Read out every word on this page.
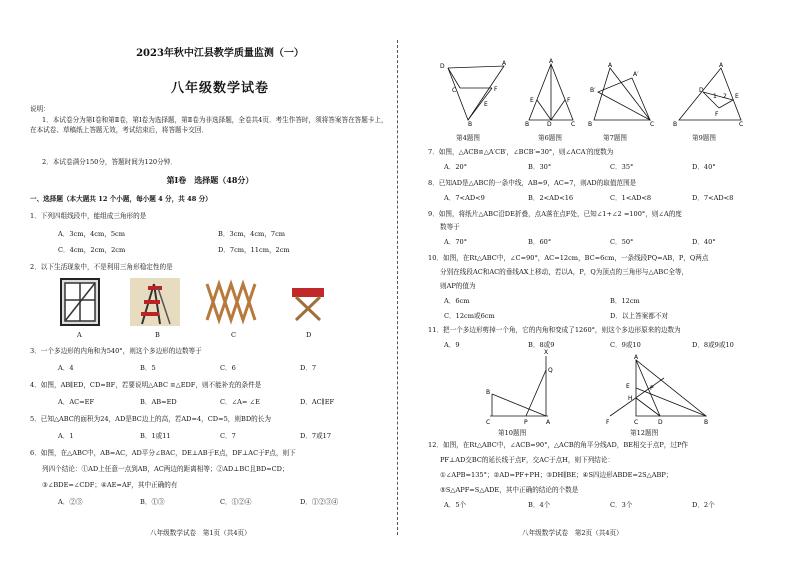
2023年秋中江县教学质量监测（一）
八年级数学试卷
说明：
1．本试卷分为第Ⅰ卷和第Ⅱ卷，第Ⅰ卷为选择题，第Ⅱ卷为非选择题，全卷共4页．考生作答时，须将答案答在答题卡上，在本试卷、草稿纸上答题无效，考试结束后，将答题卡交回．
2．本试卷满分150分，答题时间为120分钟．
第Ⅰ卷　选择题（48分）
一、选择题（本大题共 12 个小题，每小题 4 分，共 48 分）
1．下列四组线段中，能组成三角形的是
A．3cm，4cm，5cm	B．3cm，4cm，7cm
C．4cm，2cm，2cm	D．7cm，11cm，2cm
2．以下生活现象中，不是利用三角形稳定性的是
A	B	C	D
3．一个多边形的内角和为540°，则这个多边形的边数等于
A．4	B．5	C．6	D．7
4．如图，AB∥ED，CD=BF，若要说明△ABC ≌△EDF，则不能补充的条件是
A．AC=EF	B．AB=ED	C．∠A= ∠E	D．AC∥EF
5．已知△ABC的面积为24，AD是BC边上的高，若AD=4，CD=5，则BD的长为
A．1	B．1或11	C．7	D．7或17
6．如图，在△ABC中，AB=AC，AD平分∠BAC，DE⊥AB于E点，DF⊥AC于F点，则下
列四个结论：①AD上任意一点到AB，AC两边的距离相等；②AD⊥BC且BD=CD；
③∠BDE=∠CDF；④AE=AF，其中正确的有
A．②③	B．①③	C．①②④	D．①②③④
八年级数学试卷　第1页（共4页）
D	A
C	F
E
B
第4题图
A
E	F
B	D	C
第6题图
B
A
A′
B′
C
第7题图
A
D
E
1 2
F
B	C
第9题图
7．如图，△ACB≌△A′CB′，∠BCB′=30°，则∠ACA′的度数为
A．20°	B．30°	C．35°	D．40°
8．已知AD是△ABC的一条中线，AB=9，AC=7，则AD的取值范围是
A．7<AD<9	B．2<AD<16	C．1<AD<8	D．7<AD<8
9．如图，将纸片△ABC沿DE折叠，点A落在点F处，已知∠1+∠2 =100°，则∠A的度
数等于
A．70°	B．60°	C．50°	D．40°
10．如图，在Rt△ABC中，∠C=90°，AC=12cm，BC=6cm，一条线段PQ=AB，P，Q两点
分别在线段AC和AC的垂线AX上移动，若以A，P，Q为顶点的三角形与△ABC全等，
则AP的值为
A．6cm	B．12cm
C．12cm或6cm	D．以上答案都不对
11．把一个多边形剪掉一个角，它的内角和变成了1260°，则这个多边形原来的边数为
A．9	B．8或9	C．9或10	D．8或9或10
X
Q
B
C	P	A
第10题图
A
E	P
H
F	C	D	B
第12题图
12．如图，在Rt△ABC中，∠ACB=90°，△ACB的角平分线AD，BE相交于点P，过P作
PF⊥AD交BC的延长线于点F，交AC于点H，则下列结论：
①∠APB=135°；②AD=PF+PH；③DH∥BE；④S四边形ABDE=2S△ABP；
⑤S△APF=S△ADE，其中正确的结论的个数是
A．5个	B．4个	C．3个	D．2个
八年级数学试卷　第2页（共4页）
